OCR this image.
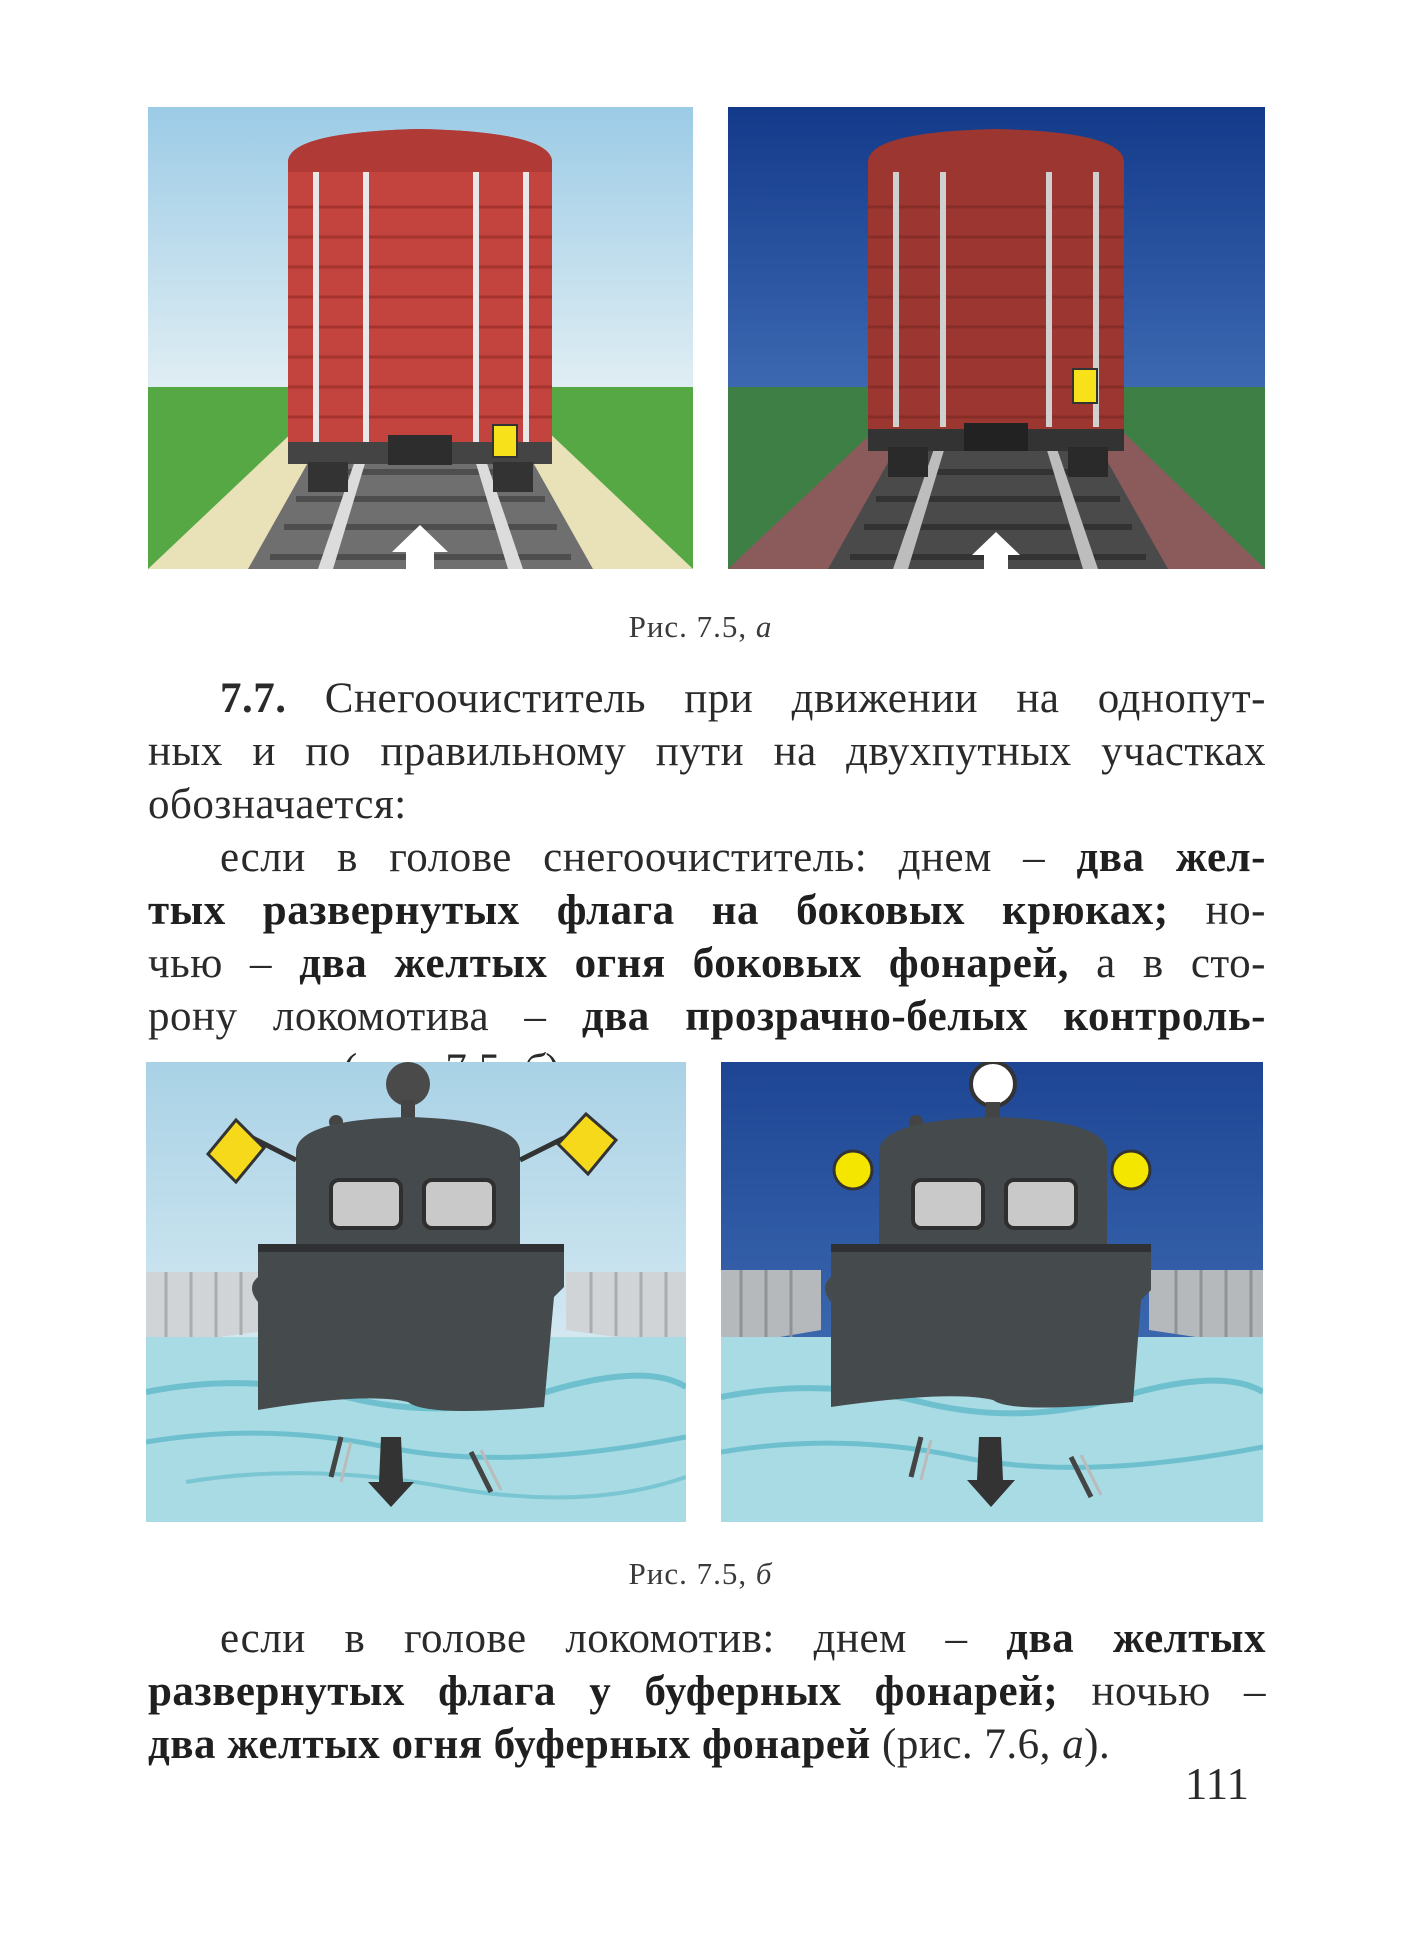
Рис. 7.5, а
7.7. Снегоочиститель при движении на однопут-
ных и по правильному пути на двухпутных участках
обозначается:
если в голове снегоочиститель: днем – два жел-
тых развернутых флага на боковых крюках; но-
чью – два желтых огня боковых фонарей, а в сто-
рону локомотива – два прозрачно-белых контроль-
Рис. 7.5, б
если в голове локомотив: днем – два желтых
развернутых флага у буферных фонарей; ночью –
два желтых огня буферных фонарей (рис. 7.6, а).
111
